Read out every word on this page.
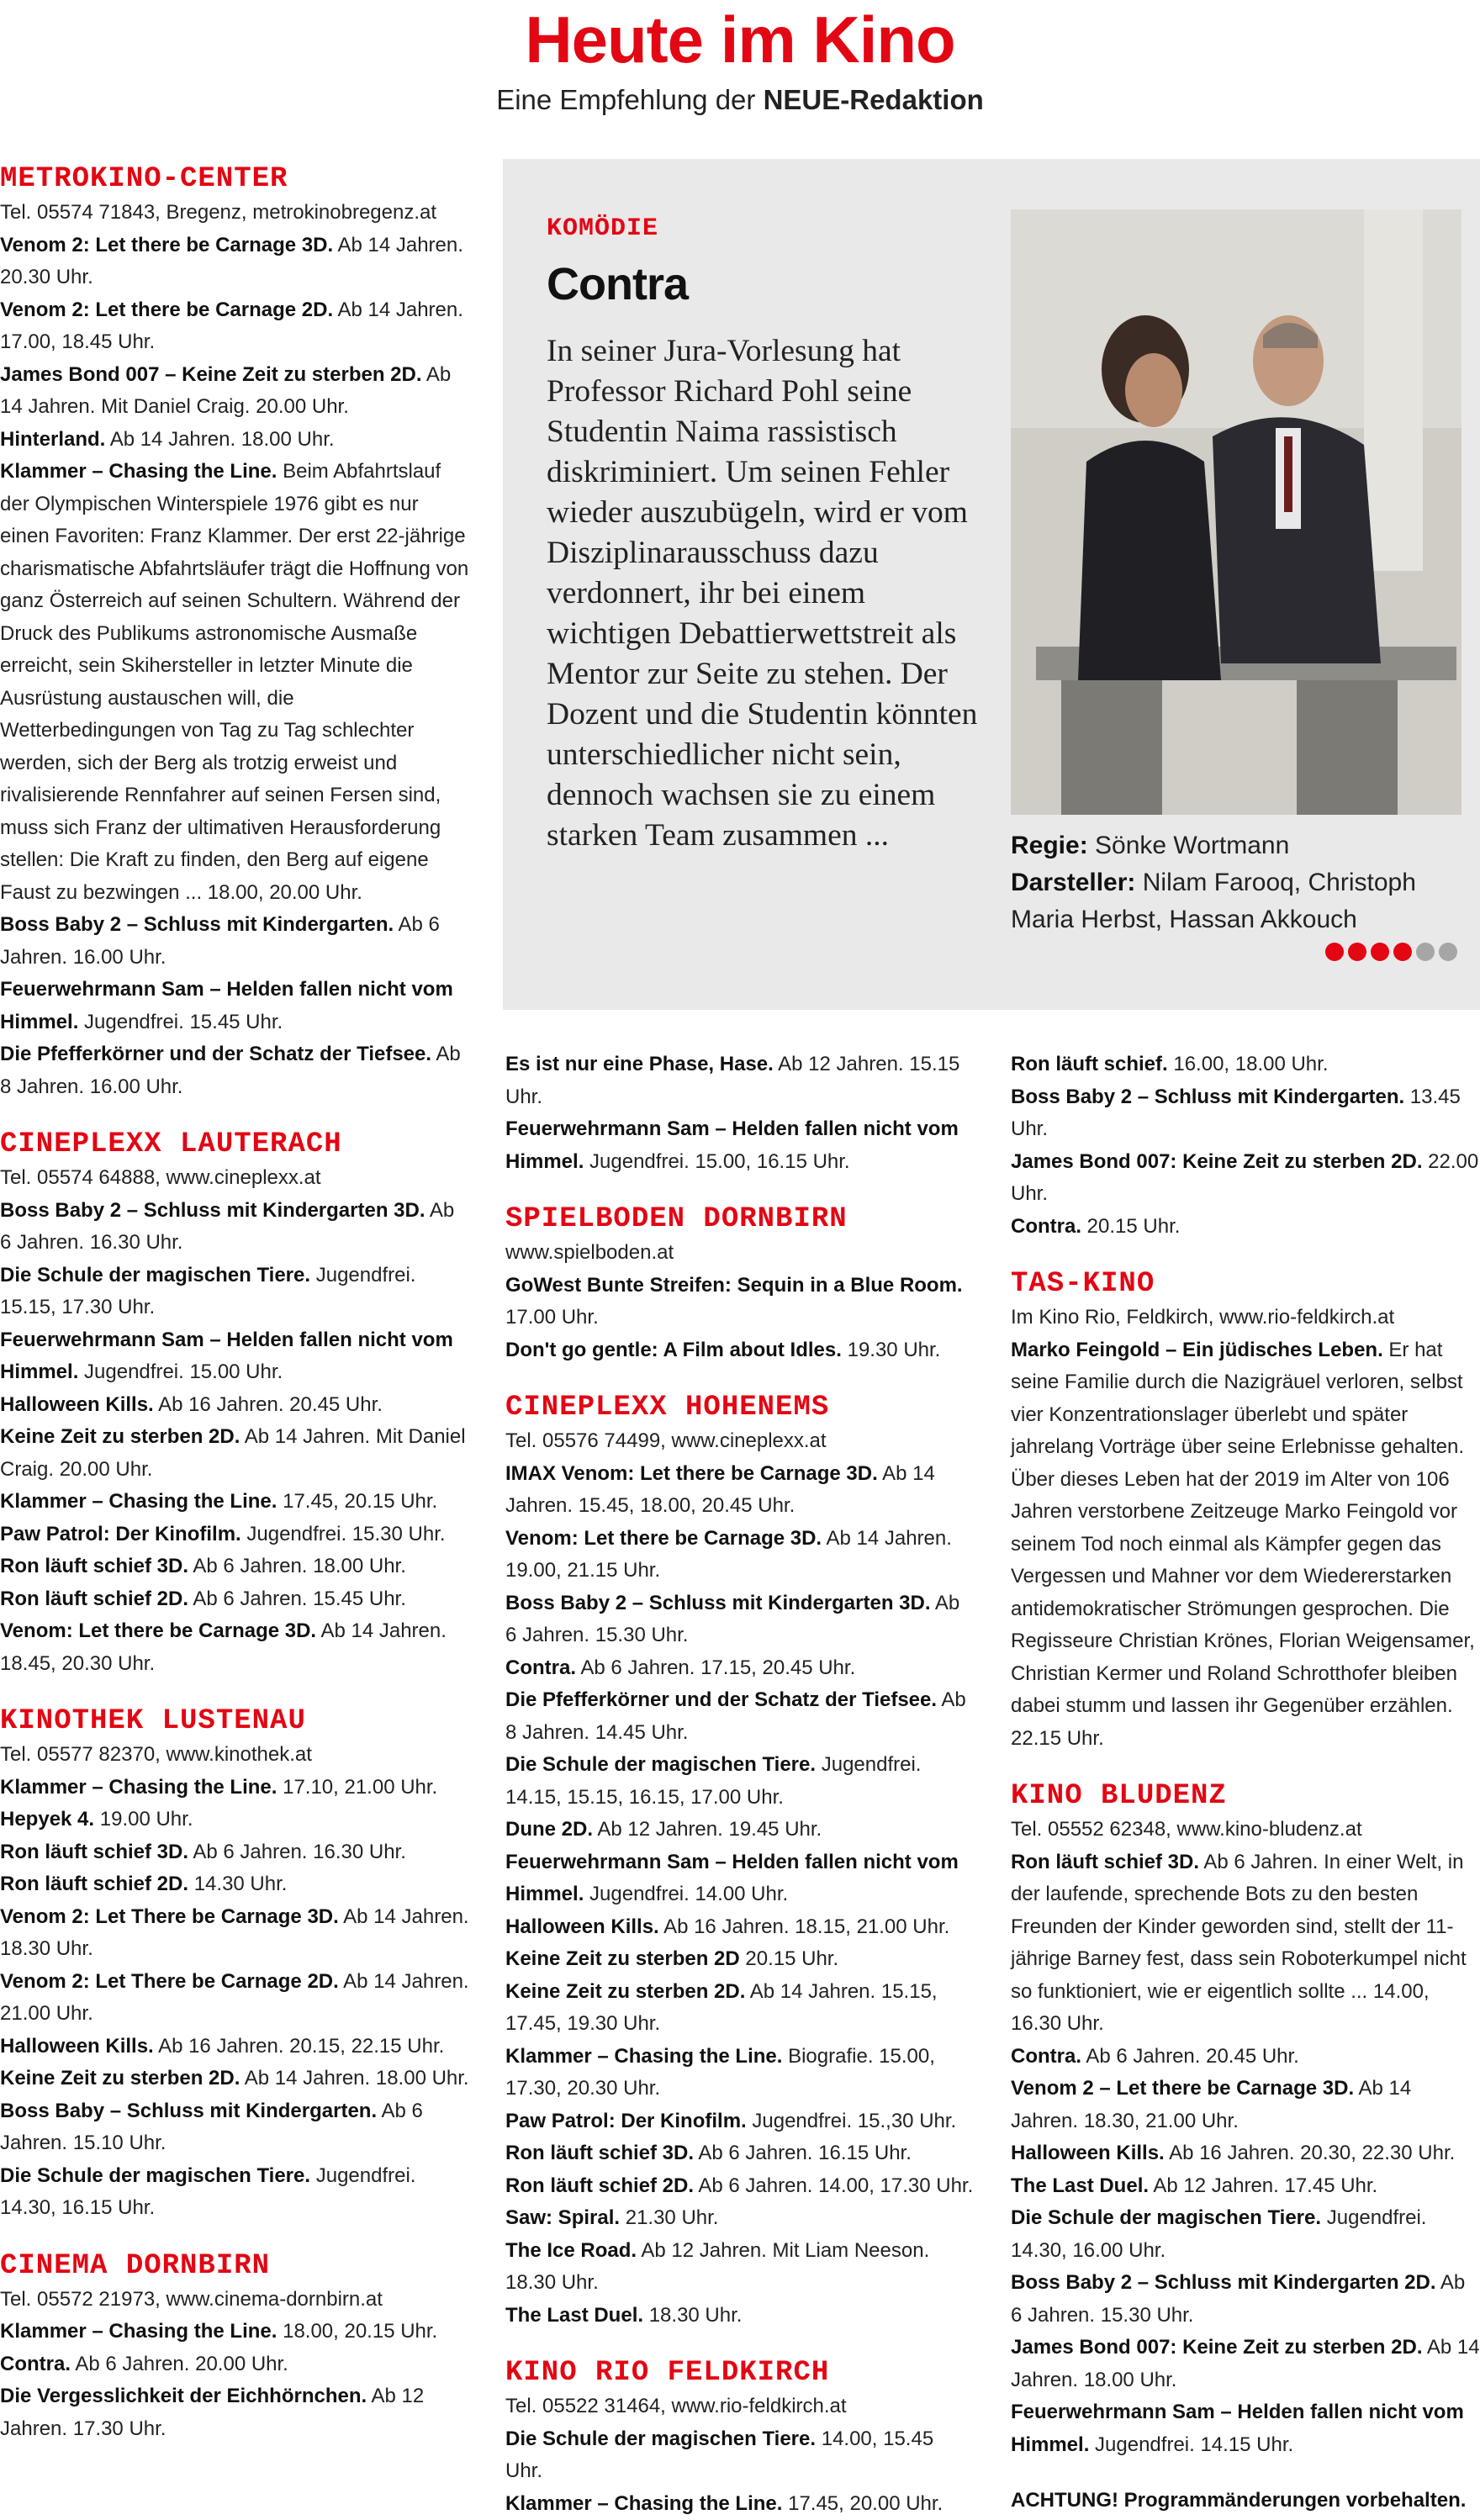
Heute im Kino
Eine Empfehlung der NEUE-Redaktion
METROKINO-CENTER

Tel. 05574 71843, Bregenz, metrokinobregenz.at

Venom 2: Let there be Carnage 3D. Ab 14 Jahren. 20.30 Uhr.

Venom 2: Let there be Carnage 2D. Ab 14 Jahren. 17.00, 18.45 Uhr.

James Bond 007 – Keine Zeit zu sterben 2D. Ab 14 Jahren. Mit Daniel Craig. 20.00 Uhr.

Hinterland. Ab 14 Jahren. 18.00 Uhr.

Klammer – Chasing the Line. Beim Abfahrtslauf der Olympischen Winterspiele 1976 gibt es nur einen Favoriten: Franz Klammer. Der erst 22-jährige charismatische Abfahrtsläufer trägt die Hoffnung von ganz Österreich auf seinen Schultern. Während der Druck des Publikums astronomische Ausmaße erreicht, sein Skihersteller in letzter Minute die Ausrüstung austauschen will, die Wetterbedingungen von Tag zu Tag schlechter werden, sich der Berg als trotzig erweist und rivalisierende Rennfahrer auf seinen Fersen sind, muss sich Franz der ultimativen Herausforderung stellen: Die Kraft zu finden, den Berg auf eigene Faust zu bezwingen ... 18.00, 20.00 Uhr.

Boss Baby 2 – Schluss mit Kindergarten. Ab 6 Jahren. 16.00 Uhr.

Feuerwehrmann Sam – Helden fallen nicht vom Himmel. Jugendfrei. 15.45 Uhr.

Die Pfefferkörner und der Schatz der Tiefsee. Ab 8 Jahren. 16.00 Uhr.

CINEPLEXX LAUTERACH

Tel. 05574 64888, www.cineplexx.at

Boss Baby 2 – Schluss mit Kindergarten 3D. Ab 6 Jahren. 16.30 Uhr.

Die Schule der magischen Tiere. Jugendfrei. 15.15, 17.30 Uhr.

Feuerwehrmann Sam – Helden fallen nicht vom Himmel. Jugendfrei. 15.00 Uhr.

Halloween Kills. Ab 16 Jahren. 20.45 Uhr.

Keine Zeit zu sterben 2D. Ab 14 Jahren. Mit Daniel Craig. 20.00 Uhr.

Klammer – Chasing the Line. 17.45, 20.15 Uhr.

Paw Patrol: Der Kinofilm. Jugendfrei. 15.30 Uhr.

Ron läuft schief 3D. Ab 6 Jahren. 18.00 Uhr.

Ron läuft schief 2D. Ab 6 Jahren. 15.45 Uhr.

Venom: Let there be Carnage 3D. Ab 14 Jahren. 18.45, 20.30 Uhr.

KINOTHEK LUSTENAU

Tel. 05577 82370, www.kinothek.at

Klammer – Chasing the Line. 17.10, 21.00 Uhr.

Hepyek 4. 19.00 Uhr.

Ron läuft schief 3D. Ab 6 Jahren. 16.30 Uhr.

Ron läuft schief 2D. 14.30 Uhr.

Venom 2: Let There be Carnage 3D. Ab 14 Jahren. 18.30 Uhr.

Venom 2: Let There be Carnage 2D. Ab 14 Jahren. 21.00 Uhr.

Halloween Kills. Ab 16 Jahren. 20.15, 22.15 Uhr.

Keine Zeit zu sterben 2D. Ab 14 Jahren. 18.00 Uhr.

Boss Baby – Schluss mit Kindergarten. Ab 6 Jahren. 15.10 Uhr.

Die Schule der magischen Tiere. Jugendfrei. 14.30, 16.15 Uhr.

CINEMA DORNBIRN

Tel. 05572 21973, www.cinema-dornbirn.at

Klammer – Chasing the Line. 18.00, 20.15 Uhr.

Contra. Ab 6 Jahren. 20.00 Uhr.

Die Vergesslichkeit der Eichhörnchen. Ab 12 Jahren. 17.30 Uhr.

KOMÖDIE
Contra

In seiner Jura-Vorlesung hat Professor Richard Pohl seine Studentin Naima rassistisch diskriminiert. Um seinen Fehler wieder auszubügeln, wird er vom Disziplinarausschuss dazu verdonnert, ihr bei einem wichtigen Debattierwettstreit als Mentor zur Seite zu stehen. Der Dozent und die Studentin könnten unterschiedlicher nicht sein, dennoch wachsen sie zu einem starken Team zusammen ...	Regie: Sönke Wortmann
Darsteller: Nilam Farooq, Christoph Maria Herbst, Hassan Akkouch

Es ist nur eine Phase, Hase. Ab 12 Jahren. 15.15 Uhr.

Feuerwehrmann Sam – Helden fallen nicht vom Himmel. Jugendfrei. 15.00, 16.15 Uhr.

SPIELBODEN DORNBIRN

www.spielboden.at

GoWest Bunte Streifen: Sequin in a Blue Room. 17.00 Uhr.

Don't go gentle: A Film about Idles. 19.30 Uhr.

CINEPLEXX HOHENEMS

Tel. 05576 74499, www.cineplexx.at

IMAX Venom: Let there be Carnage 3D. Ab 14 Jahren. 15.45, 18.00, 20.45 Uhr.

Venom: Let there be Carnage 3D. Ab 14 Jahren. 19.00, 21.15 Uhr.

Boss Baby 2 – Schluss mit Kindergarten 3D. Ab 6 Jahren. 15.30 Uhr.

Contra. Ab 6 Jahren. 17.15, 20.45 Uhr.

Die Pfefferkörner und der Schatz der Tiefsee. Ab 8 Jahren. 14.45 Uhr.

Die Schule der magischen Tiere. Jugendfrei. 14.15, 15.15, 16.15, 17.00 Uhr.

Dune 2D. Ab 12 Jahren. 19.45 Uhr.

Feuerwehrmann Sam – Helden fallen nicht vom Himmel. Jugendfrei. 14.00 Uhr.

Halloween Kills. Ab 16 Jahren. 18.15, 21.00 Uhr.

Keine Zeit zu sterben 2D 20.15 Uhr.

Keine Zeit zu sterben 2D. Ab 14 Jahren. 15.15, 17.45, 19.30 Uhr.

Klammer – Chasing the Line. Biografie. 15.00, 17.30, 20.30 Uhr.

Paw Patrol: Der Kinofilm. Jugendfrei. 15.,30 Uhr.

Ron läuft schief 3D. Ab 6 Jahren. 16.15 Uhr.

Ron läuft schief 2D. Ab 6 Jahren. 14.00, 17.30 Uhr.

Saw: Spiral. 21.30 Uhr.

The Ice Road. Ab 12 Jahren. Mit Liam Neeson. 18.30 Uhr.

The Last Duel. 18.30 Uhr.

KINO RIO FELDKIRCH

Tel. 05522 31464, www.rio-feldkirch.at

Die Schule der magischen Tiere. 14.00, 15.45 Uhr.

Klammer – Chasing the Line. 17.45, 20.00 Uhr.

Ron läuft schief. 16.00, 18.00 Uhr.

Boss Baby 2 – Schluss mit Kindergarten. 13.45 Uhr.

James Bond 007: Keine Zeit zu sterben 2D. 22.00 Uhr.

Contra. 20.15 Uhr.

TAS-KINO

Im Kino Rio, Feldkirch, www.rio-feldkirch.at

Marko Feingold – Ein jüdisches Leben. Er hat seine Familie durch die Nazigräuel verloren, selbst vier Konzentrationslager überlebt und später jahrelang Vorträge über seine Erlebnisse gehalten. Über dieses Leben hat der 2019 im Alter von 106 Jahren verstorbene Zeitzeuge Marko Feingold vor seinem Tod noch einmal als Kämpfer gegen das Vergessen und Mahner vor dem Wiedererstarken antidemokratischer Strömungen gesprochen. Die Regisseure Christian Krönes, Florian Weigensamer, Christian Kermer und Roland Schrotthofer bleiben dabei stumm und lassen ihr Gegenüber erzählen. 22.15 Uhr.

KINO BLUDENZ

Tel. 05552 62348, www.kino-bludenz.at

Ron läuft schief 3D. Ab 6 Jahren. In einer Welt, in der laufende, sprechende Bots zu den besten Freunden der Kinder geworden sind, stellt der 11-jährige Barney fest, dass sein Roboterkumpel nicht so funktioniert, wie er eigentlich sollte ... 14.00, 16.30 Uhr.

Contra. Ab 6 Jahren. 20.45 Uhr.

Venom 2 – Let there be Carnage 3D. Ab 14 Jahren. 18.30, 21.00 Uhr.

Halloween Kills. Ab 16 Jahren. 20.30, 22.30 Uhr.

The Last Duel. Ab 12 Jahren. 17.45 Uhr.

Die Schule der magischen Tiere. Jugendfrei. 14.30, 16.00 Uhr.

Boss Baby 2 – Schluss mit Kindergarten 2D. Ab 6 Jahren. 15.30 Uhr.

James Bond 007: Keine Zeit zu sterben 2D. Ab 14 Jahren. 18.00 Uhr.

Feuerwehrmann Sam – Helden fallen nicht vom Himmel. Jugendfrei. 14.15 Uhr.

ACHTUNG! Programmänderungen vorbehalten.
